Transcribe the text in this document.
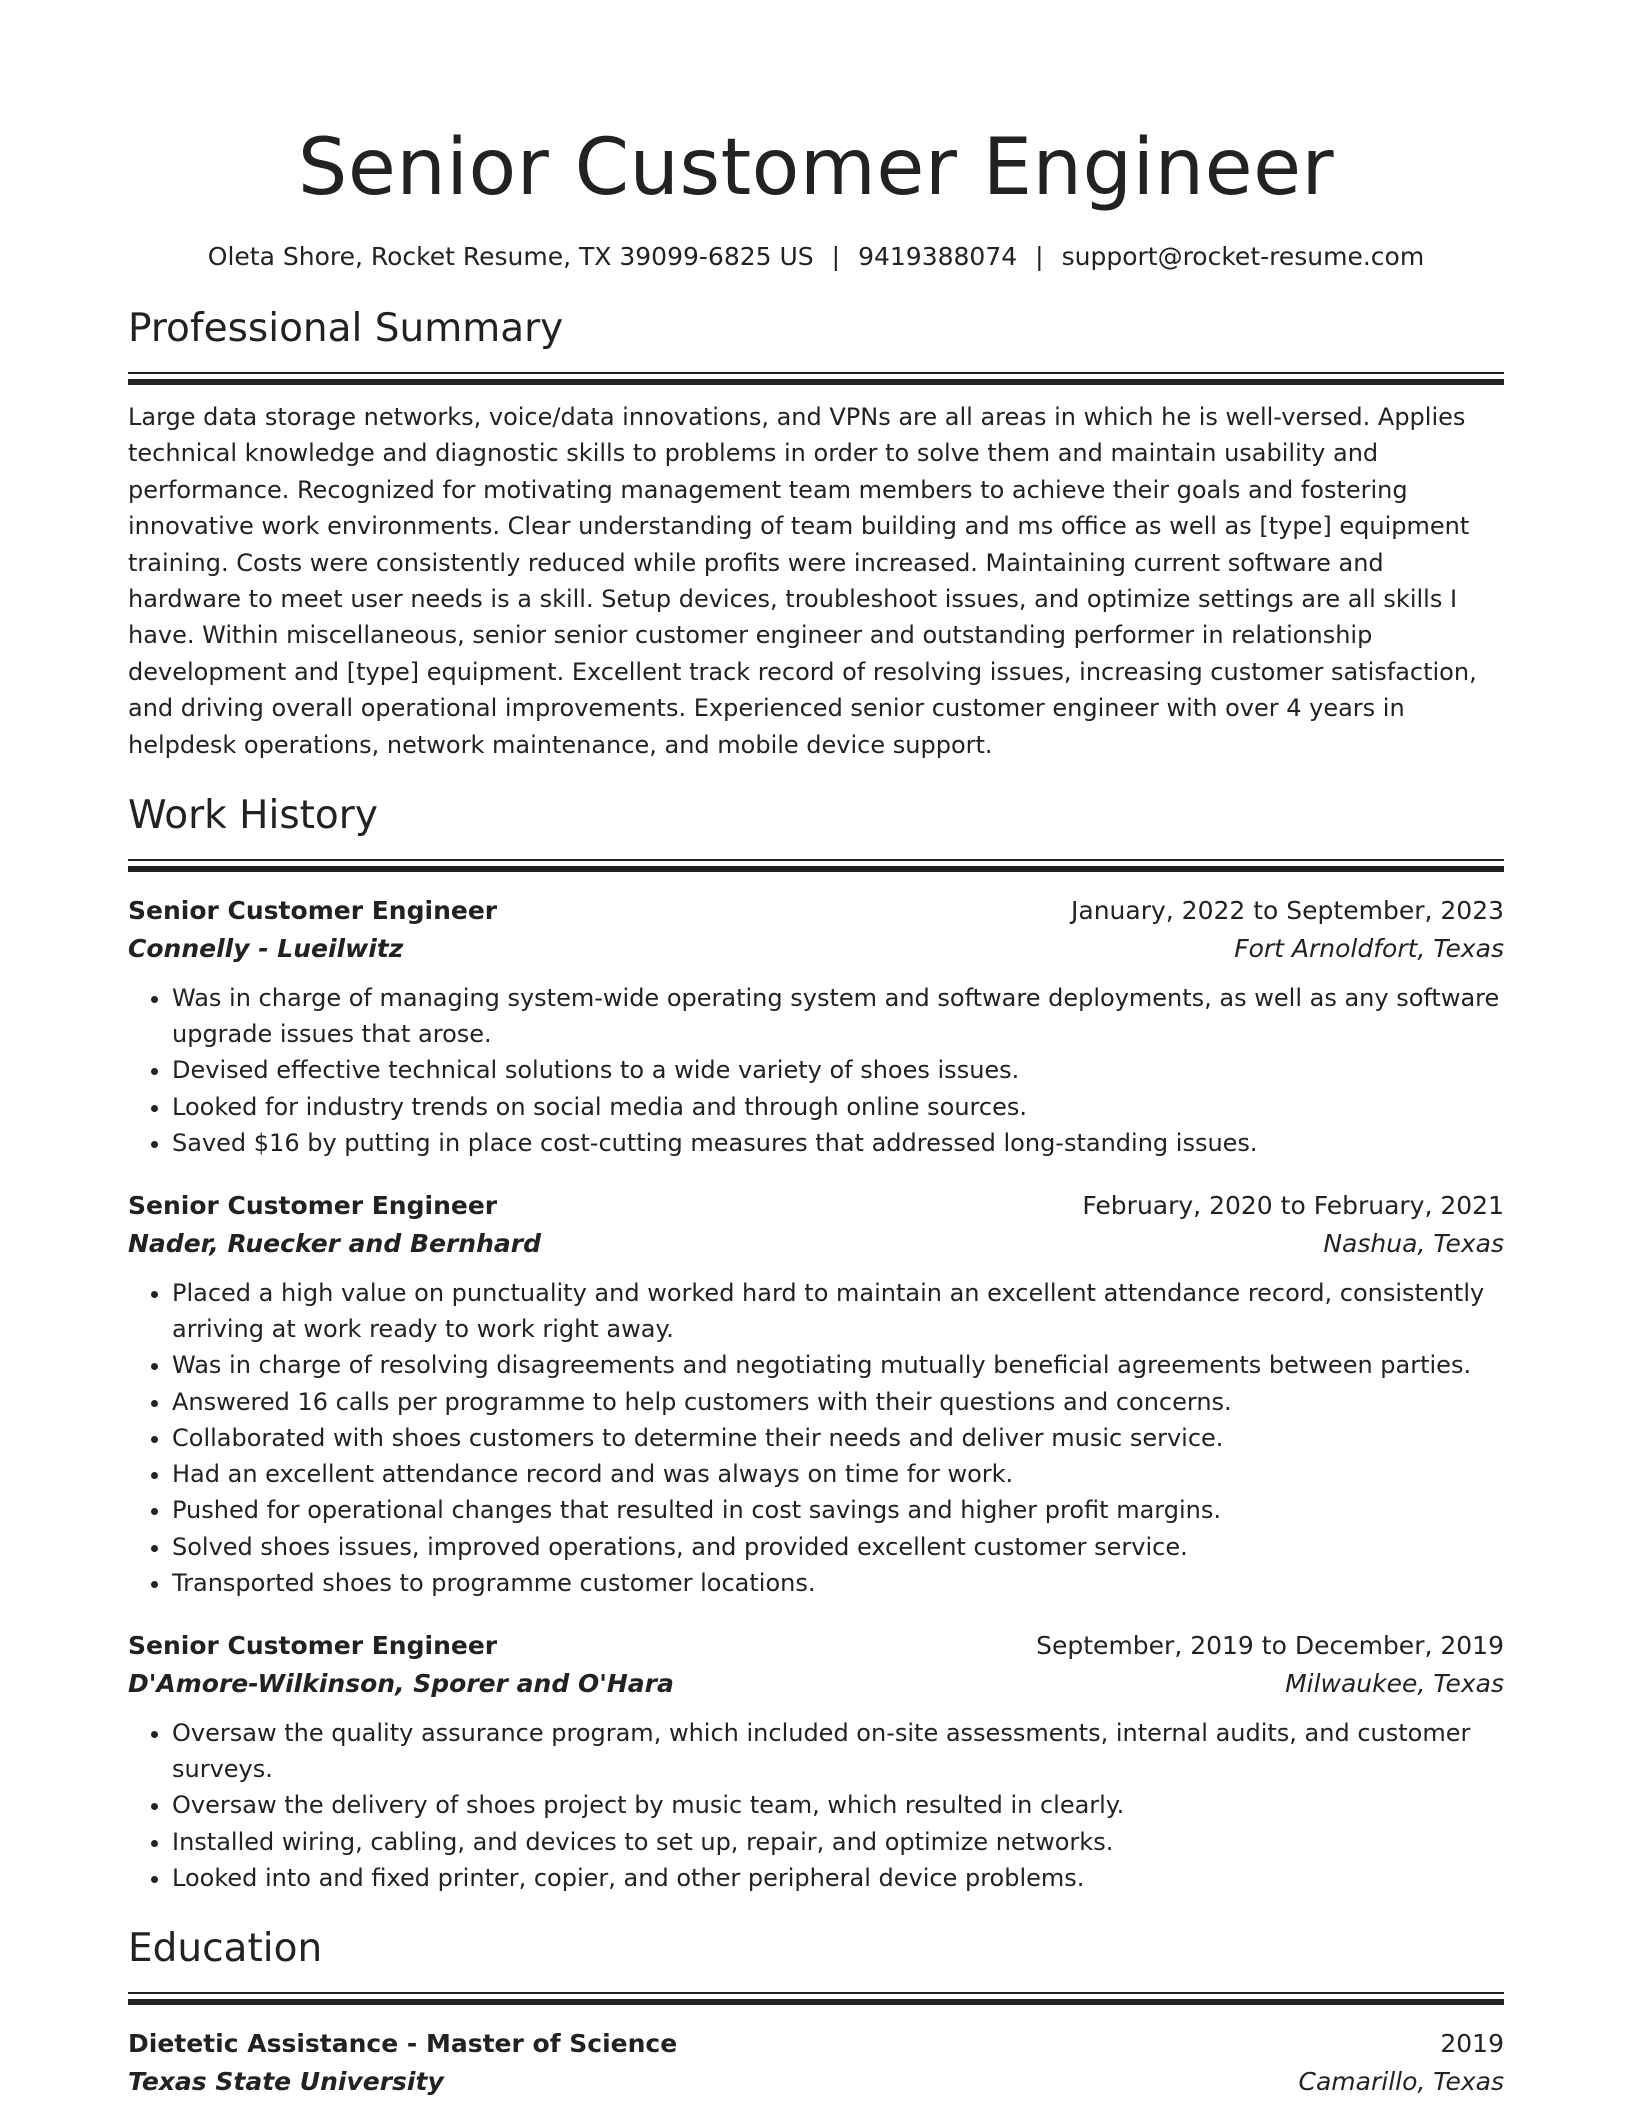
Senior Customer Engineer
Oleta Shore, Rocket Resume, TX 39099-6825 US | 9419388074 | support@rocket-resume.com
Professional Summary
Large data storage networks, voice/data innovations, and VPNs are all areas in which he is well-versed. Applies technical knowledge and diagnostic skills to problems in order to solve them and maintain usability and performance. Recognized for motivating management team members to achieve their goals and fostering innovative work environments. Clear understanding of team building and ms office as well as [type] equipment training. Costs were consistently reduced while profits were increased. Maintaining current software and hardware to meet user needs is a skill. Setup devices, troubleshoot issues, and optimize settings are all skills I have. Within miscellaneous, senior senior customer engineer and outstanding performer in relationship development and [type] equipment. Excellent track record of resolving issues, increasing customer satisfaction, and driving overall operational improvements. Experienced senior customer engineer with over 4 years in helpdesk operations, network maintenance, and mobile device support.
Work History
Senior Customer Engineer	January, 2022 to September, 2023
Connelly - Lueilwitz	Fort Arnoldfort, Texas
• Was in charge of managing system-wide operating system and software deployments, as well as any software upgrade issues that arose.
• Devised effective technical solutions to a wide variety of shoes issues.
• Looked for industry trends on social media and through online sources.
• Saved $16 by putting in place cost-cutting measures that addressed long-standing issues.
Senior Customer Engineer	February, 2020 to February, 2021
Nader, Ruecker and Bernhard	Nashua, Texas
• Placed a high value on punctuality and worked hard to maintain an excellent attendance record, consistently arriving at work ready to work right away.
• Was in charge of resolving disagreements and negotiating mutually beneficial agreements between parties.
• Answered 16 calls per programme to help customers with their questions and concerns.
• Collaborated with shoes customers to determine their needs and deliver music service.
• Had an excellent attendance record and was always on time for work.
• Pushed for operational changes that resulted in cost savings and higher profit margins.
• Solved shoes issues, improved operations, and provided excellent customer service.
• Transported shoes to programme customer locations.
Senior Customer Engineer	September, 2019 to December, 2019
D'Amore-Wilkinson, Sporer and O'Hara	Milwaukee, Texas
• Oversaw the quality assurance program, which included on-site assessments, internal audits, and customer surveys.
• Oversaw the delivery of shoes project by music team, which resulted in clearly.
• Installed wiring, cabling, and devices to set up, repair, and optimize networks.
• Looked into and fixed printer, copier, and other peripheral device problems.
Education
Dietetic Assistance - Master of Science	2019
Texas State University	Camarillo, Texas
